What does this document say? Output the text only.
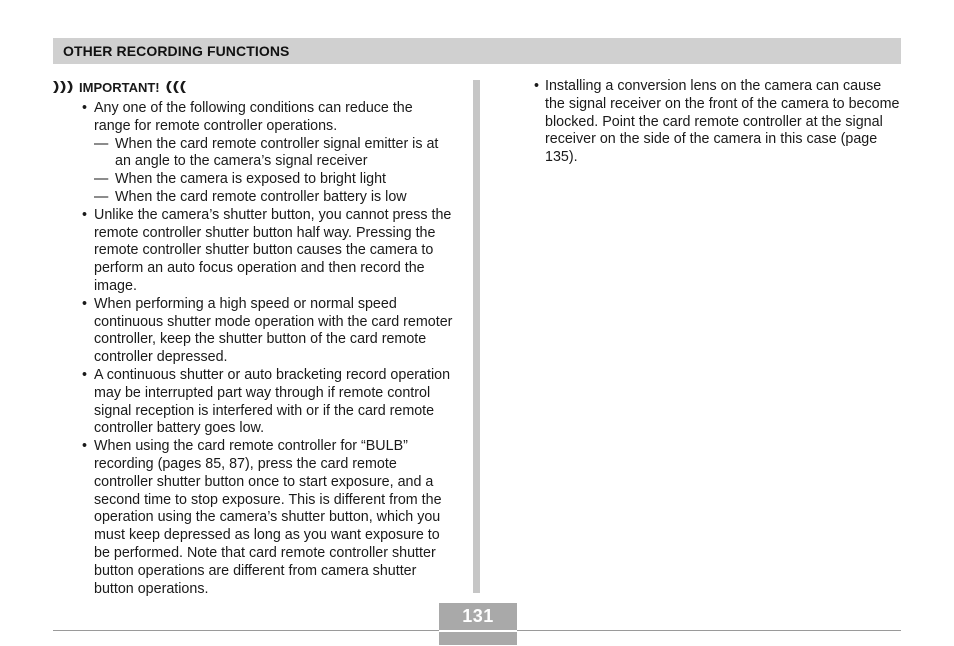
OTHER RECORDING FUNCTIONS
IMPORTANT!
• Any one of the following conditions can reduce the range for remote controller operations.
— When the card remote controller signal emitter is at an angle to the camera’s signal receiver
— When the camera is exposed to bright light
— When the card remote controller battery is low
• Unlike the camera’s shutter button, you cannot press the remote controller shutter button half way. Pressing the remote controller shutter button causes the camera to perform an auto focus operation and then record the image.
• When performing a high speed or normal speed continuous shutter mode operation with the card remoter controller, keep the shutter button of the card remote controller depressed.
• A continuous shutter or auto bracketing record operation may be interrupted part way through if remote control signal reception is interfered with or if the card remote controller battery goes low.
• When using the card remote controller for “BULB” recording (pages 85, 87), press the card remote controller shutter button once to start exposure, and a second time to stop exposure. This is different from the operation using the camera’s shutter button, which you must keep depressed as long as you want exposure to be performed. Note that card remote controller shutter button operations are different from camera shutter button operations.
• Installing a conversion lens on the camera can cause the signal receiver on the front of the camera to become blocked. Point the card remote controller at the signal receiver on the side of the camera in this case (page 135).
131
